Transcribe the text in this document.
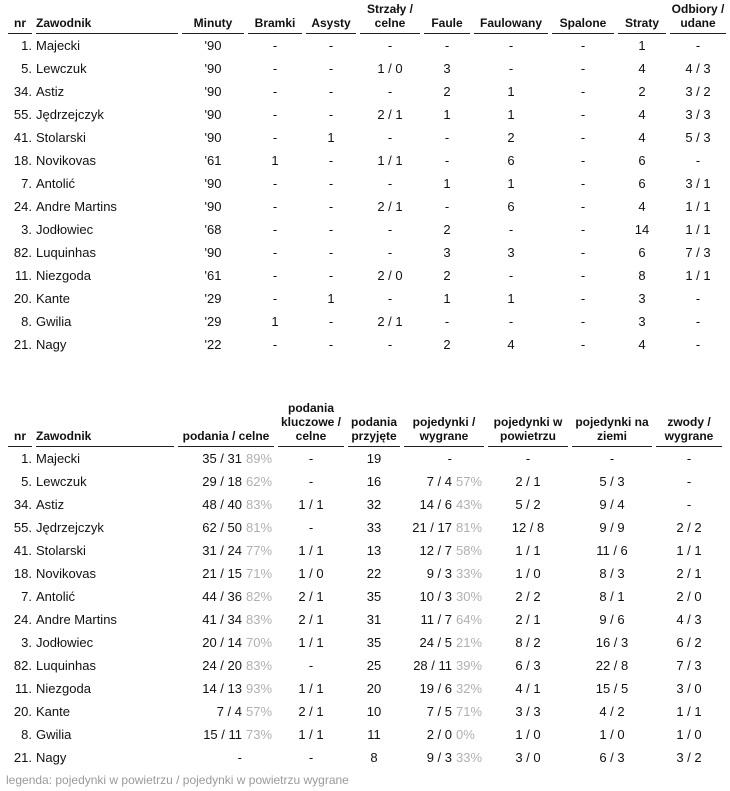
nr	Zawodnik	Minuty	Bramki	Asysty	Strzały / celne	Faule	Faulowany	Spalone	Straty	Odbiory / udane
1.	Majecki	'90	-	-	-	-	-	-	1	-
5.	Lewczuk	'90	-	-	1 / 0	3	-	-	4	4 / 3
34.	Astiz	'90	-	-	-	2	1	-	2	3 / 2
55.	Jędrzejczyk	'90	-	-	2 / 1	1	1	-	4	3 / 3
41.	Stolarski	'90	-	1	-	-	2	-	4	5 / 3
18.	Novikovas	'61	1	-	1 / 1	-	6	-	6	-
7.	Antolić	'90	-	-	-	1	1	-	6	3 / 1
24.	Andre Martins	'90	-	-	2 / 1	-	6	-	4	1 / 1
3.	Jodłowiec	'68	-	-	-	2	-	-	14	1 / 1
82.	Luquinhas	'90	-	-	-	3	3	-	6	7 / 3
11.	Niezgoda	'61	-	-	2 / 0	2	-	-	8	1 / 1
20.	Kante	'29	-	1	-	1	1	-	3	-
8.	Gwilia	'29	1	-	2 / 1	-	-	-	3	-
21.	Nagy	'22	-	-	-	2	4	-	4	-
nr	Zawodnik	podania / celne	podania kluczowe / celne	podania przyjęte	pojedynki / wygrane	pojedynki w powietrzu	pojedynki na ziemi	zwody / wygrane
1.	Majecki	35 / 31 89%	-	19	-	-	-	-
5.	Lewczuk	29 / 18 62%	-	16	7 / 4 57%	2 / 1	5 / 3	-
34.	Astiz	48 / 40 83%	1 / 1	32	14 / 6 43%	5 / 2	9 / 4	-
55.	Jędrzejczyk	62 / 50 81%	-	33	21 / 17 81%	12 / 8	9 / 9	2 / 2
41.	Stolarski	31 / 24 77%	1 / 1	13	12 / 7 58%	1 / 1	11 / 6	1 / 1
18.	Novikovas	21 / 15 71%	1 / 0	22	9 / 3 33%	1 / 0	8 / 3	2 / 1
7.	Antolić	44 / 36 82%	2 / 1	35	10 / 3 30%	2 / 2	8 / 1	2 / 0
24.	Andre Martins	41 / 34 83%	2 / 1	31	11 / 7 64%	2 / 1	9 / 6	4 / 3
3.	Jodłowiec	20 / 14 70%	1 / 1	35	24 / 5 21%	8 / 2	16 / 3	6 / 2
82.	Luquinhas	24 / 20 83%	-	25	28 / 11 39%	6 / 3	22 / 8	7 / 3
11.	Niezgoda	14 / 13 93%	1 / 1	20	19 / 6 32%	4 / 1	15 / 5	3 / 0
20.	Kante	7 / 4 57%	2 / 1	10	7 / 5 71%	3 / 3	4 / 2	1 / 1
8.	Gwilia	15 / 11 73%	1 / 1	11	2 / 0 0%	1 / 0	1 / 0	1 / 0
21.	Nagy	-	-	8	9 / 3 33%	3 / 0	6 / 3	3 / 2
legenda: pojedynki w powietrzu / pojedynki w powietrzu wygrane
